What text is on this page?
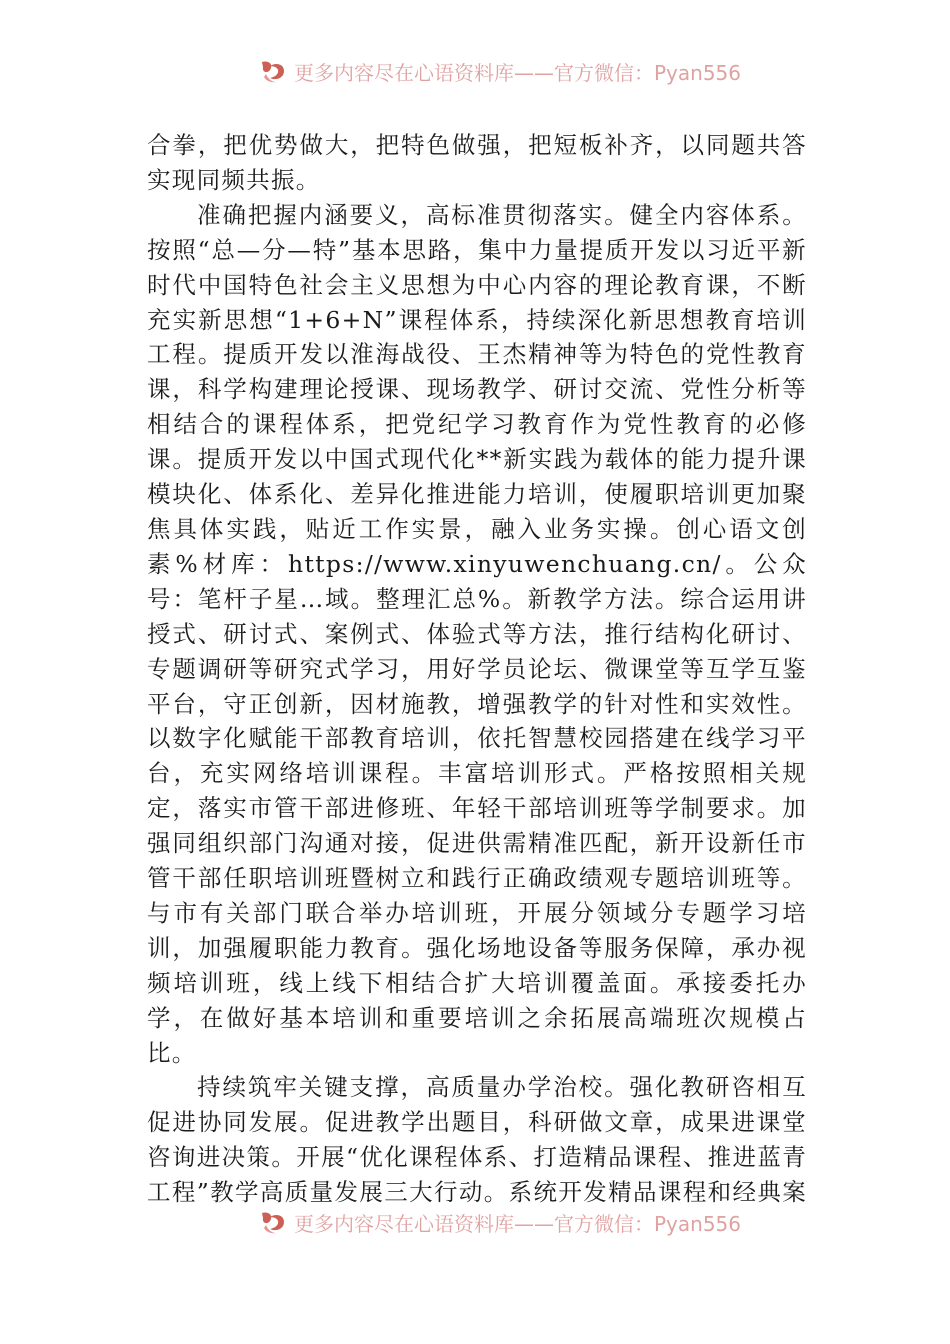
更多内容尽在心语资料库——官方微信：Pyan556

合拳，把优势做大，把特色做强，把短板补齐，以同题共答实现同频共振。

准确把握内涵要义，高标准贯彻落实。健全内容体系。按照“总—分—特”基本思路，集中力量提质开发以习近平新时代中国特色社会主义思想为中心内容的理论教育课，不断充实新思想“1+6+N”课程体系，持续深化新思想教育培训工程。提质开发以淮海战役、王杰精神等为特色的党性教育课，科学构建理论授课、现场教学、研讨交流、党性分析等相结合的课程体系，把党纪学习教育作为党性教育的必修课。提质开发以中国式现代化**新实践为载体的能力提升课模块化、体系化、差异化推进能力培训，使履职培训更加聚焦具体实践，贴近工作实景，融入业务实操。创心语文创素%材库：https://www.xinyuwenchuang.cn/。公众号：笔杆子星…域。整理汇总%。新教学方法。综合运用讲授式、研讨式、案例式、体验式等方法，推行结构化研讨、专题调研等研究式学习，用好学员论坛、微课堂等互学互鉴平台，守正创新，因材施教，增强教学的针对性和实效性。以数字化赋能干部教育培训，依托智慧校园搭建在线学习平台，充实网络培训课程。丰富培训形式。严格按照相关规定，落实市管干部进修班、年轻干部培训班等学制要求。加强同组织部门沟通对接，促进供需精准匹配，新开设新任市管干部任职培训班暨树立和践行正确政绩观专题培训班等。与市有关部门联合举办培训班，开展分领域分专题学习培训，加强履职能力教育。强化场地设备等服务保障，承办视频培训班，线上线下相结合扩大培训覆盖面。承接委托办学，在做好基本培训和重要培训之余拓展高端班次规模占比。

持续筑牢关键支撑，高质量办学治校。强化教研咨相互促进协同发展。促进教学出题目，科研做文章，成果进课堂咨询进决策。开展“优化课程体系、打造精品课程、推进蓝青工程”教学高质量发展三大行动。系统开发精品课程和经典案

更多内容尽在心语资料库——官方微信：Pyan556
